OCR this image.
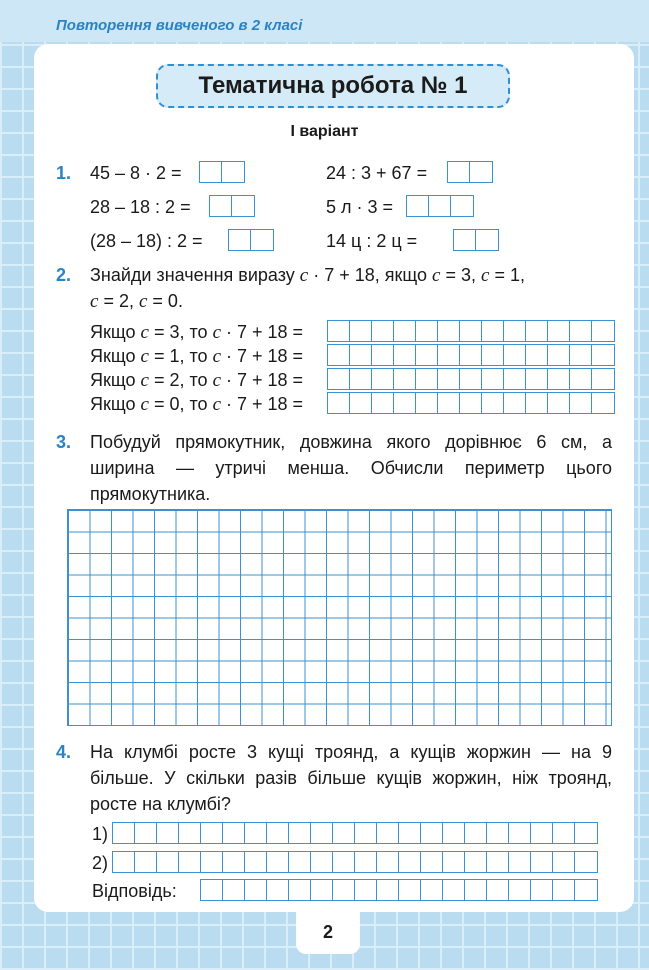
Повторення вивченого в 2 класі
Тематична робота № 1
І варіант
1. 45 – 8 · 2 =	24 : 3 + 67 =
28 – 18 : 2 =	5 л · 3 =
(28 – 18) : 2 =	14 ц : 2 ц =
2. Знайди значення виразу c · 7 + 18, якщо c = 3, c = 1,
c = 2, c = 0.
Якщо c = 3, то c · 7 + 18 =
Якщо c = 1, то c · 7 + 18 =
Якщо c = 2, то c · 7 + 18 =
Якщо c = 0, то c · 7 + 18 =
3. Побудуй прямокутник, довжина якого дорівнює 6 см, а ширина — утричі менша. Обчисли периметр цього прямокутника.
4. На клумбі росте 3 кущі троянд, а кущів жоржин — на 9 більше. У скільки разів більше кущів жоржин, ніж троянд, росте на клумбі?
1)
2)
Відповідь:
2
